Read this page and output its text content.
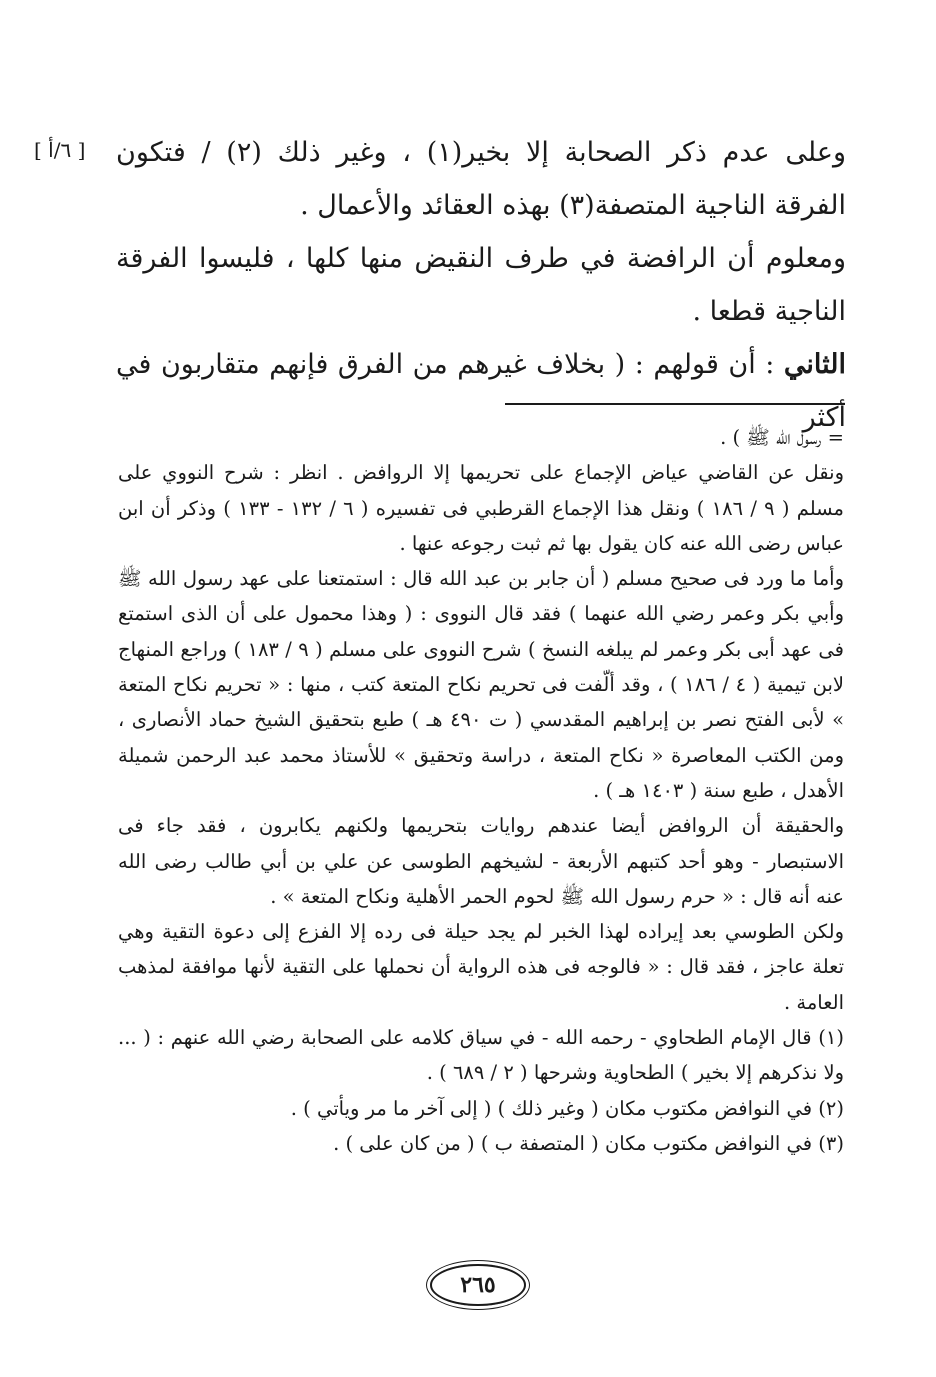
[ ٦/أ ] وعلى عدم ذكر الصحابة إلا بخير(١) ، وغير ذلك (٢) / فتكون الفرقة الناجية المتصفة(٣) بهذه العقائد والأعمال .

ومعلوم أن الرافضة في طرف النقيض منها كلها ، فليسوا الفرقة الناجية قطعا .

الثاني : أن قولهم : ( بخلاف غيرهم من الفرق فإنهم متقاربون في أكثر

= رسول الله ﷺ ) .

ونقل عن القاضي عياض الإجماع على تحريمها إلا الروافض . انظر : شرح النووي على مسلم ( ٩ / ١٨٦ ) ونقل هذا الإجماع القرطبي فى تفسيره ( ٦ / ١٣٢ - ١٣٣ ) وذكر أن ابن عباس رضى الله عنه كان يقول بها ثم ثبت رجوعه عنها .

وأما ما ورد فى صحيح مسلم ( أن جابر بن عبد الله قال : استمتعنا على عهد رسول الله ﷺ وأبي بكر وعمر رضي الله عنهما ) فقد قال النووى : ( وهذا محمول على أن الذى استمتع فى عهد أبى بكر وعمر لم يبلغه النسخ ) شرح النووى على مسلم ( ٩ / ١٨٣ ) وراجع المنهاج لابن تيمية ( ٤ / ١٨٦ ) ، وقد ألّفت فى تحريم نكاح المتعة كتب ، منها : « تحريم نكاح المتعة » لأبى الفتح نصر بن إبراهيم المقدسي ( ت ٤٩٠ هـ ) طبع بتحقيق الشيخ حماد الأنصارى ، ومن الكتب المعاصرة « نكاح المتعة ، دراسة وتحقيق » للأستاذ محمد عبد الرحمن شميلة الأهدل ، طبع سنة ( ١٤٠٣ هـ ) .

والحقيقة أن الروافض أيضا عندهم روايات بتحريمها ولكنهم يكابرون ، فقد جاء فى الاستبصار - وهو أحد كتبهم الأربعة - لشيخهم الطوسى عن علي بن أبي طالب رضى الله عنه أنه قال : « حرم رسول الله ﷺ لحوم الحمر الأهلية ونكاح المتعة » .

ولكن الطوسي بعد إيراده لهذا الخبر لم يجد حيلة فى رده إلا الفزع إلى دعوة التقية وهي تعلة عاجز ، فقد قال : « فالوجه فى هذه الرواية أن نحملها على التقية لأنها موافقة لمذهب العامة .

(١) قال الإمام الطحاوي - رحمه الله - في سياق كلامه على الصحابة رضي الله عنهم : ( ... ولا نذكرهم إلا بخير ) الطحاوية وشرحها ( ٢ / ٦٨٩ ) .

(٢) في النوافض مكتوب مكان ( وغير ذلك ) ( إلى آخر ما مر ويأتي ) .

(٣) في النوافض مكتوب مكان ( المتصفة ب ) ( من كان على ) .

٢٦٥
